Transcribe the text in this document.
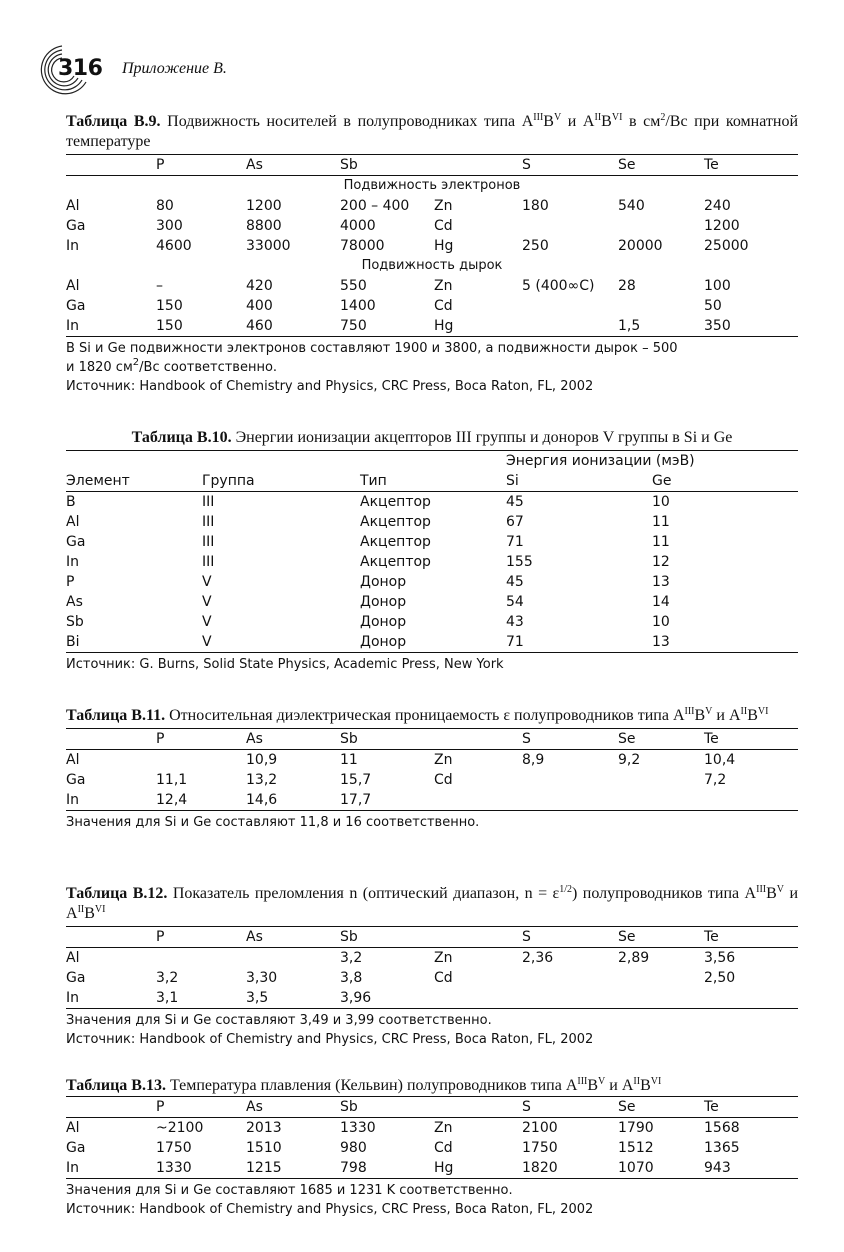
316 Приложение В.
Таблица В.9. Подвижность носителей в полупроводниках типа $A^{III}B^V$ и $A^{II}B^{VI}$ в $см^2/Вс$ при комнатной температуре
	P	As	Sb		S	Se	Te
Подвижность электронов							
Al	80	1200	200 – 400	Zn	180	540	240
Ga	300	8800	4000	Cd			1200
In	4600	33000	78000	Hg	250	20000	25000
Подвижность дырок							
Al	–	420	550	Zn	5 (400∞C)	28	100
Ga	150	400	1400	Cd			50
In	150	460	750	Hg		1,5	350
В Si и Ge подвижности электронов составляют 1900 и 3800, а подвижности дырок – 500
и 1820 $см^2/Вс$ соответственно.
Источник: Handbook of Chemistry and Physics, CRC Press, Boca Raton, FL, 2002
Таблица В.10. Энергии ионизации акцепторов III группы и доноров V группы в Si и Ge
			Энергия ионизации (мэВ)	
Элемент	Группа	Тип	Si	Ge
B	III	Акцептор	45	10
Al	III	Акцептор	67	11
Ga	III	Акцептор	71	11
In	III	Акцептор	155	12
P	V	Донор	45	13
As	V	Донор	54	14
Sb	V	Донор	43	10
Bi	V	Донор	71	13
Источник: G. Burns, Solid State Physics, Academic Press, New York
Таблица В.11. Относительная диэлектрическая проницаемость ε полупроводников типа $A^{III}B^V$ и $A^{II}B^{VI}$
	P	As	Sb		S	Se	Te
Al		10,9	11	Zn	8,9	9,2	10,4
Ga	11,1	13,2	15,7	Cd			7,2
In	12,4	14,6	17,7				
Значения для Si и Ge составляют 11,8 и 16 соответственно.
Таблица В.12. Показатель преломления n (оптический диапазон, $n = \varepsilon^{1/2}$) полупроводников типа $A^{III}B^V$ и $A^{II}B^{VI}$
	P	As	Sb		S	Se	Te
Al			3,2	Zn	2,36	2,89	3,56
Ga	3,2	3,30	3,8	Cd			2,50
In	3,1	3,5	3,96				
Значения для Si и Ge составляют 3,49 и 3,99 соответственно.
Источник: Handbook of Chemistry and Physics, CRC Press, Boca Raton, FL, 2002
Таблица В.13. Температура плавления (Кельвин) полупроводников типа $A^{III}B^V$ и $A^{II}B^{VI}$
	P	As	Sb		S	Se	Te
Al	~2100	2013	1330	Zn	2100	1790	1568
Ga	1750	1510	980	Cd	1750	1512	1365
In	1330	1215	798	Hg	1820	1070	943
Значения для Si и Ge составляют 1685 и 1231 K соответственно.
Источник: Handbook of Chemistry and Physics, CRC Press, Boca Raton, FL, 2002
